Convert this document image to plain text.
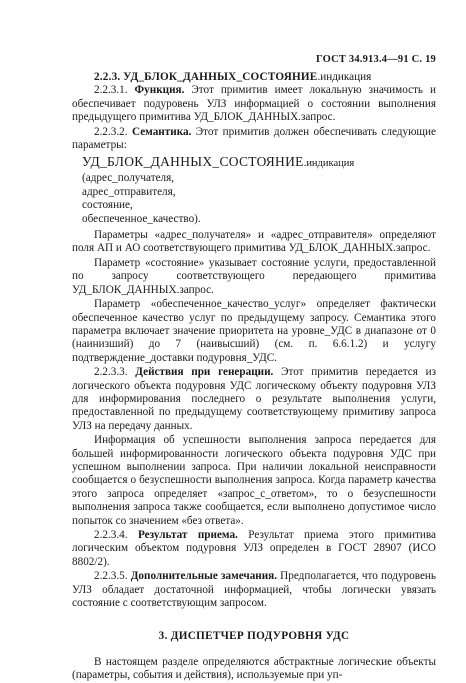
ГОСТ 34.913.4—91 С. 19

2.2.3. УД_БЛОК_ДАННЫХ_СОСТОЯНИЕ.индикация

2.2.3.1. Функция. Этот примитив имеет локальную значимость и обеспечивает подуровень УЛЗ информацией о состоянии выполнения предыдущего примитива УД_БЛОК_ДАННЫХ.запрос.

2.2.3.2. Семантика. Этот примитив должен обеспечивать следующие параметры:

УД_БЛОК_ДАННЫХ_СОСТОЯНИЕ.индикация
(адрес_получателя,
адрес_отправителя,
состояние,
обеспеченное_качество).

Параметры «адрес_получателя» и «адрес_отправителя» определяют поля АП и АО соответствующего примитива УД_БЛОК_ДАННЫХ.запрос.

Параметр «состояние» указывает состояние услуги, предоставленной по запросу соответствующего передающего примитива УД_БЛОК_ДАННЫХ.запрос.

Параметр «обеспеченное_качество_услуг» определяет фактически обеспеченное качество услуг по предыдущему запросу. Семантика этого параметра включает значение приоритета на уровне_УДС в диапазоне от 0 (наинизший) до 7 (наивысший) (см. п. 6.6.1.2) и услугу подтверждение_доставки подуровня_УДС.

2.2.3.3. Действия при генерации. Этот примитив передается из логического объекта подуровня УДС логическому объекту подуровня УЛЗ для информирования последнего о результате выполнения услуги, предоставленной по предыдущему соответствующему примитиву запроса УЛЗ на передачу данных.

Информация об успешности выполнения запроса передается для большей информированности логического объекта подуровня УДС при успешном выполнении запроса. При наличии локальной неисправности сообщается о безуспешности выполнения запроса. Когда параметр качества этого запроса определяет «запрос_с_ответом», то о безуспешности выполнения запроса также сообщается, если выполнено допустимое число попыток со значением «без ответа».

2.2.3.4. Результат приема. Результат приема этого примитива логическим объектом подуровня УЛЗ определен в ГОСТ 28907 (ИСО 8802/2).

2.2.3.5. Дополнительные замечания. Предполагается, что подуровень УЛЗ обладает достаточной информацией, чтобы логически увязать состояние с соответствующим запросом.

3. ДИСПЕТЧЕР ПОДУРОВНЯ УДС

В настоящем разделе определяются абстрактные логические объекты (параметры, события и действия), используемые при уп-
